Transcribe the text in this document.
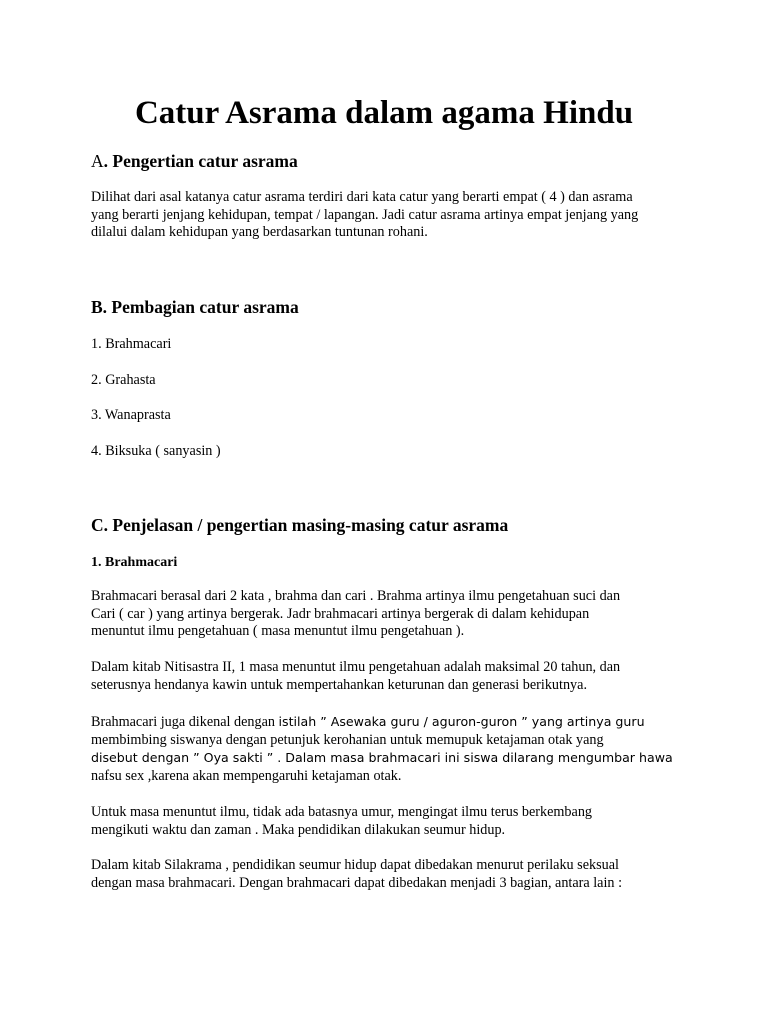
Catur Asrama dalam agama Hindu
A. Pengertian catur asrama

Dilihat dari asal katanya catur asrama terdiri dari kata catur yang berarti empat ( 4 ) dan asrama
yang berarti jenjang kehidupan, tempat / lapangan. Jadi catur asrama artinya empat jenjang yang
dilalui dalam kehidupan yang berdasarkan tuntunan rohani.

B. Pembagian catur asrama

1. Brahmacari

2. Grahasta

3. Wanaprasta

4. Biksuka ( sanyasin )

C. Penjelasan / pengertian masing-masing catur asrama
1. Brahmacari

Brahmacari berasal dari 2 kata , brahma dan cari . Brahma artinya ilmu pengetahuan suci dan
Cari ( car ) yang artinya bergerak. Jadr brahmacari artinya bergerak di dalam kehidupan
menuntut ilmu pengetahuan ( masa menuntut ilmu pengetahuan ).

Dalam kitab Nitisastra II, 1 masa menuntut ilmu pengetahuan adalah maksimal 20 tahun, dan
seterusnya hendanya kawin untuk mempertahankan keturunan dan generasi berikutnya.

Brahmacari juga dikenal dengan istilah ” Asewaka guru / aguron-guron ” yang artinya guru
membimbing siswanya dengan petunjuk kerohanian untuk memupuk ketajaman otak yang
disebut dengan ” Oya sakti ” . Dalam masa brahmacari ini siswa dilarang mengumbar hawa
nafsu sex ,karena akan mempengaruhi ketajaman otak.

Untuk masa menuntut ilmu, tidak ada batasnya umur, mengingat ilmu terus berkembang
mengikuti waktu dan zaman . Maka pendidikan dilakukan seumur hidup.

Dalam kitab Silakrama , pendidikan seumur hidup dapat dibedakan menurut perilaku seksual
dengan masa brahmacari. Dengan brahmacari dapat dibedakan menjadi 3 bagian, antara lain :
